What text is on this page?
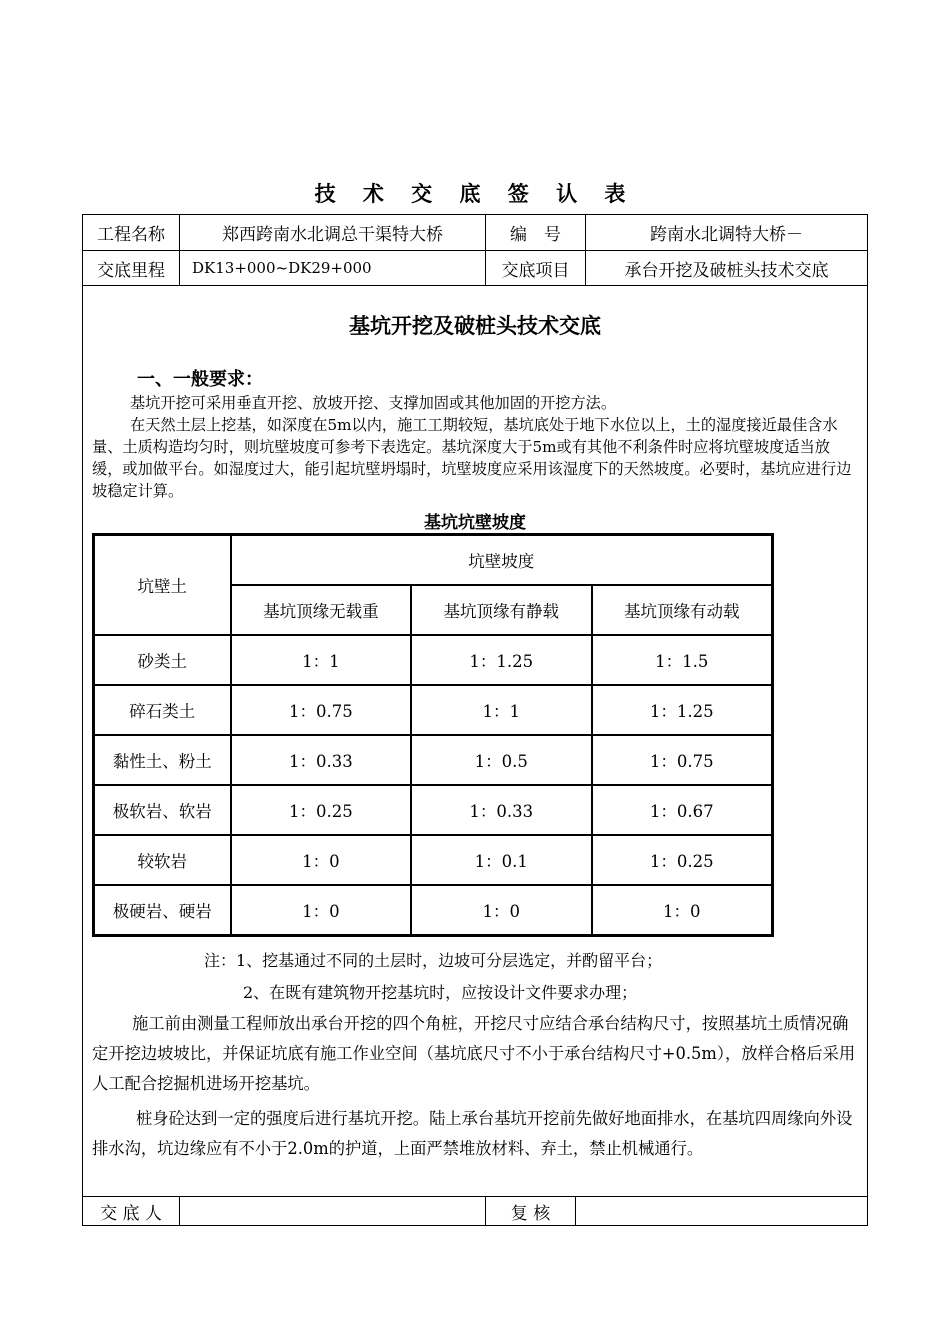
技 术 交 底 签 认 表
工程名称	郑西跨南水北调总干渠特大桥	编　号	跨南水北调特大桥－
交底里程	DK13+000~DK29+000	交底项目	承台开挖及破桩头技术交底
交 底 人	复 核
基坑开挖及破桩头技术交底
一、一般要求：
基坑开挖可采用垂直开挖、放坡开挖、支撑加固或其他加固的开挖方法。
在天然土层上挖基，如深度在5m以内，施工工期较短，基坑底处于地下水位以上，土的湿度接近最佳含水量、土质构造均匀时，则坑壁坡度可参考下表选定。基坑深度大于5m或有其他不利条件时应将坑壁坡度适当放缓，或加做平台。如湿度过大，能引起坑壁坍塌时，坑壁坡度应采用该湿度下的天然坡度。必要时，基坑应进行边坡稳定计算。
基坑坑壁坡度
坑壁土	坑壁坡度		
	基坑顶缘无载重	基坑顶缘有静载	基坑顶缘有动载
砂类土	1：1	1：1.25	1：1.5
碎石类土	1：0.75	1：1	1：1.25
黏性土、粉土	1：0.33	1：0.5	1：0.75
极软岩、软岩	1：0.25	1：0.33	1：0.67
较软岩	1：0	1：0.1	1：0.25
极硬岩、硬岩	1：0	1：0	1：0
注：1、挖基通过不同的土层时，边坡可分层选定，并酌留平台；
2、在既有建筑物开挖基坑时，应按设计文件要求办理；
施工前由测量工程师放出承台开挖的四个角桩，开挖尺寸应结合承台结构尺寸，按照基坑土质情况确定开挖边坡坡比，并保证坑底有施工作业空间（基坑底尺寸不小于承台结构尺寸+0.5m），放样合格后采用人工配合挖掘机进场开挖基坑。
桩身砼达到一定的强度后进行基坑开挖。陆上承台基坑开挖前先做好地面排水，在基坑四周缘向外设排水沟，坑边缘应有不小于2.0m的护道，上面严禁堆放材料、弃土，禁止机械通行。
